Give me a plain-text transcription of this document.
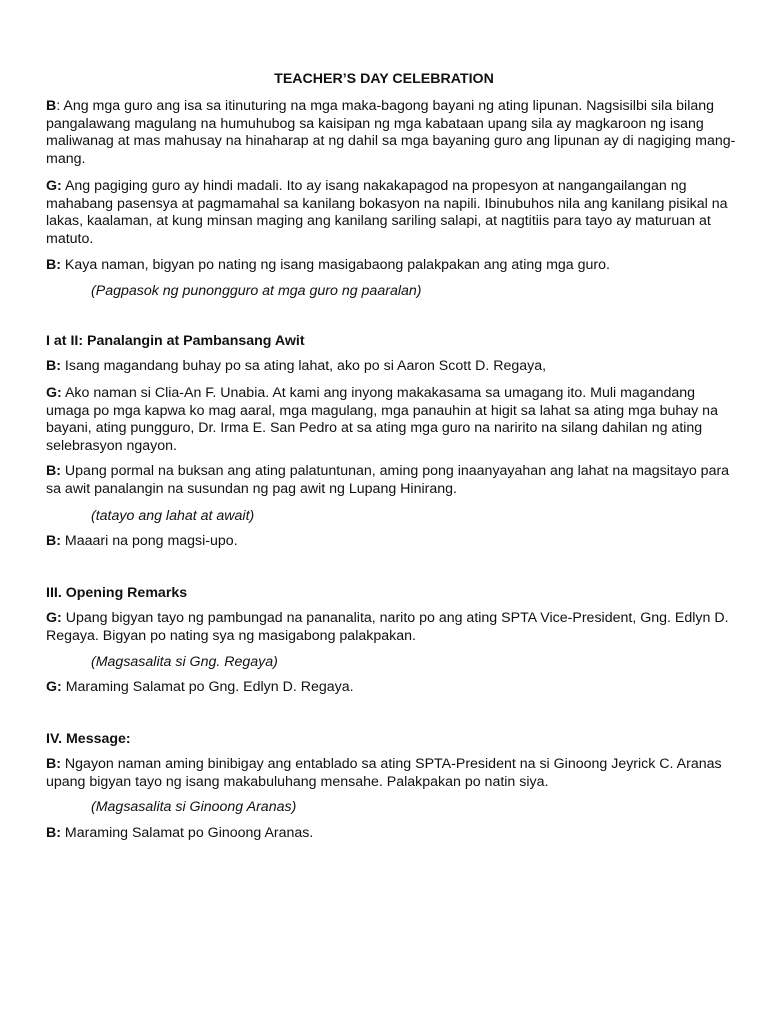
TEACHER’S DAY CELEBRATION

B: Ang mga guro ang isa sa itinuturing na mga maka-bagong bayani ng ating lipunan. Nagsisilbi sila bilang pangalawang magulang na humuhubog sa kaisipan ng mga kabataan upang sila ay magkaroon ng isang maliwanag at mas mahusay na hinaharap at ng dahil sa mga bayaning guro ang lipunan ay di nagiging mang-mang.

G: Ang pagiging guro ay hindi madali. Ito ay isang nakakapagod na propesyon at nangangailangan ng mahabang pasensya at pagmamahal sa kanilang bokasyon na napili. Ibinubuhos nila ang kanilang pisikal na lakas, kaalaman, at kung minsan maging ang kanilang sariling salapi, at nagtitiis para tayo ay maturuan at matuto.

B: Kaya naman, bigyan po nating ng isang masigabaong palakpakan ang ating mga guro.

(Pagpasok ng punongguro at mga guro ng paaralan)

I at II: Panalangin at Pambansang Awit

B: Isang magandang buhay po sa ating lahat, ako po si Aaron Scott D. Regaya,

G: Ako naman si Clia-An F. Unabia. At kami ang inyong makakasama sa umagang ito. Muli magandang umaga po mga kapwa ko mag aaral, mga magulang, mga panauhin at higit sa lahat sa ating mga buhay na bayani, ating pungguro, Dr. Irma E. San Pedro at sa ating mga guro na naririto na silang dahilan ng ating selebrasyon ngayon.

B: Upang pormal na buksan ang ating palatuntunan, aming pong inaanyayahan ang lahat na magsitayo para sa awit panalangin na susundan ng pag awit ng Lupang Hinirang.

(tatayo ang lahat at await)

B: Maaari na pong magsi-upo.

III. Opening Remarks

G: Upang bigyan tayo ng pambungad na pananalita, narito po ang ating SPTA Vice-President, Gng. Edlyn D. Regaya. Bigyan po nating sya ng masigabong palakpakan.

(Magsasalita si Gng. Regaya)

G: Maraming Salamat po Gng. Edlyn D. Regaya.

IV. Message:

B: Ngayon naman aming binibigay ang entablado sa ating SPTA-President na si Ginoong Jeyrick C. Aranas upang bigyan tayo ng isang makabuluhang mensahe. Palakpakan po natin siya.

(Magsasalita si Ginoong Aranas)

B: Maraming Salamat po Ginoong Aranas.
